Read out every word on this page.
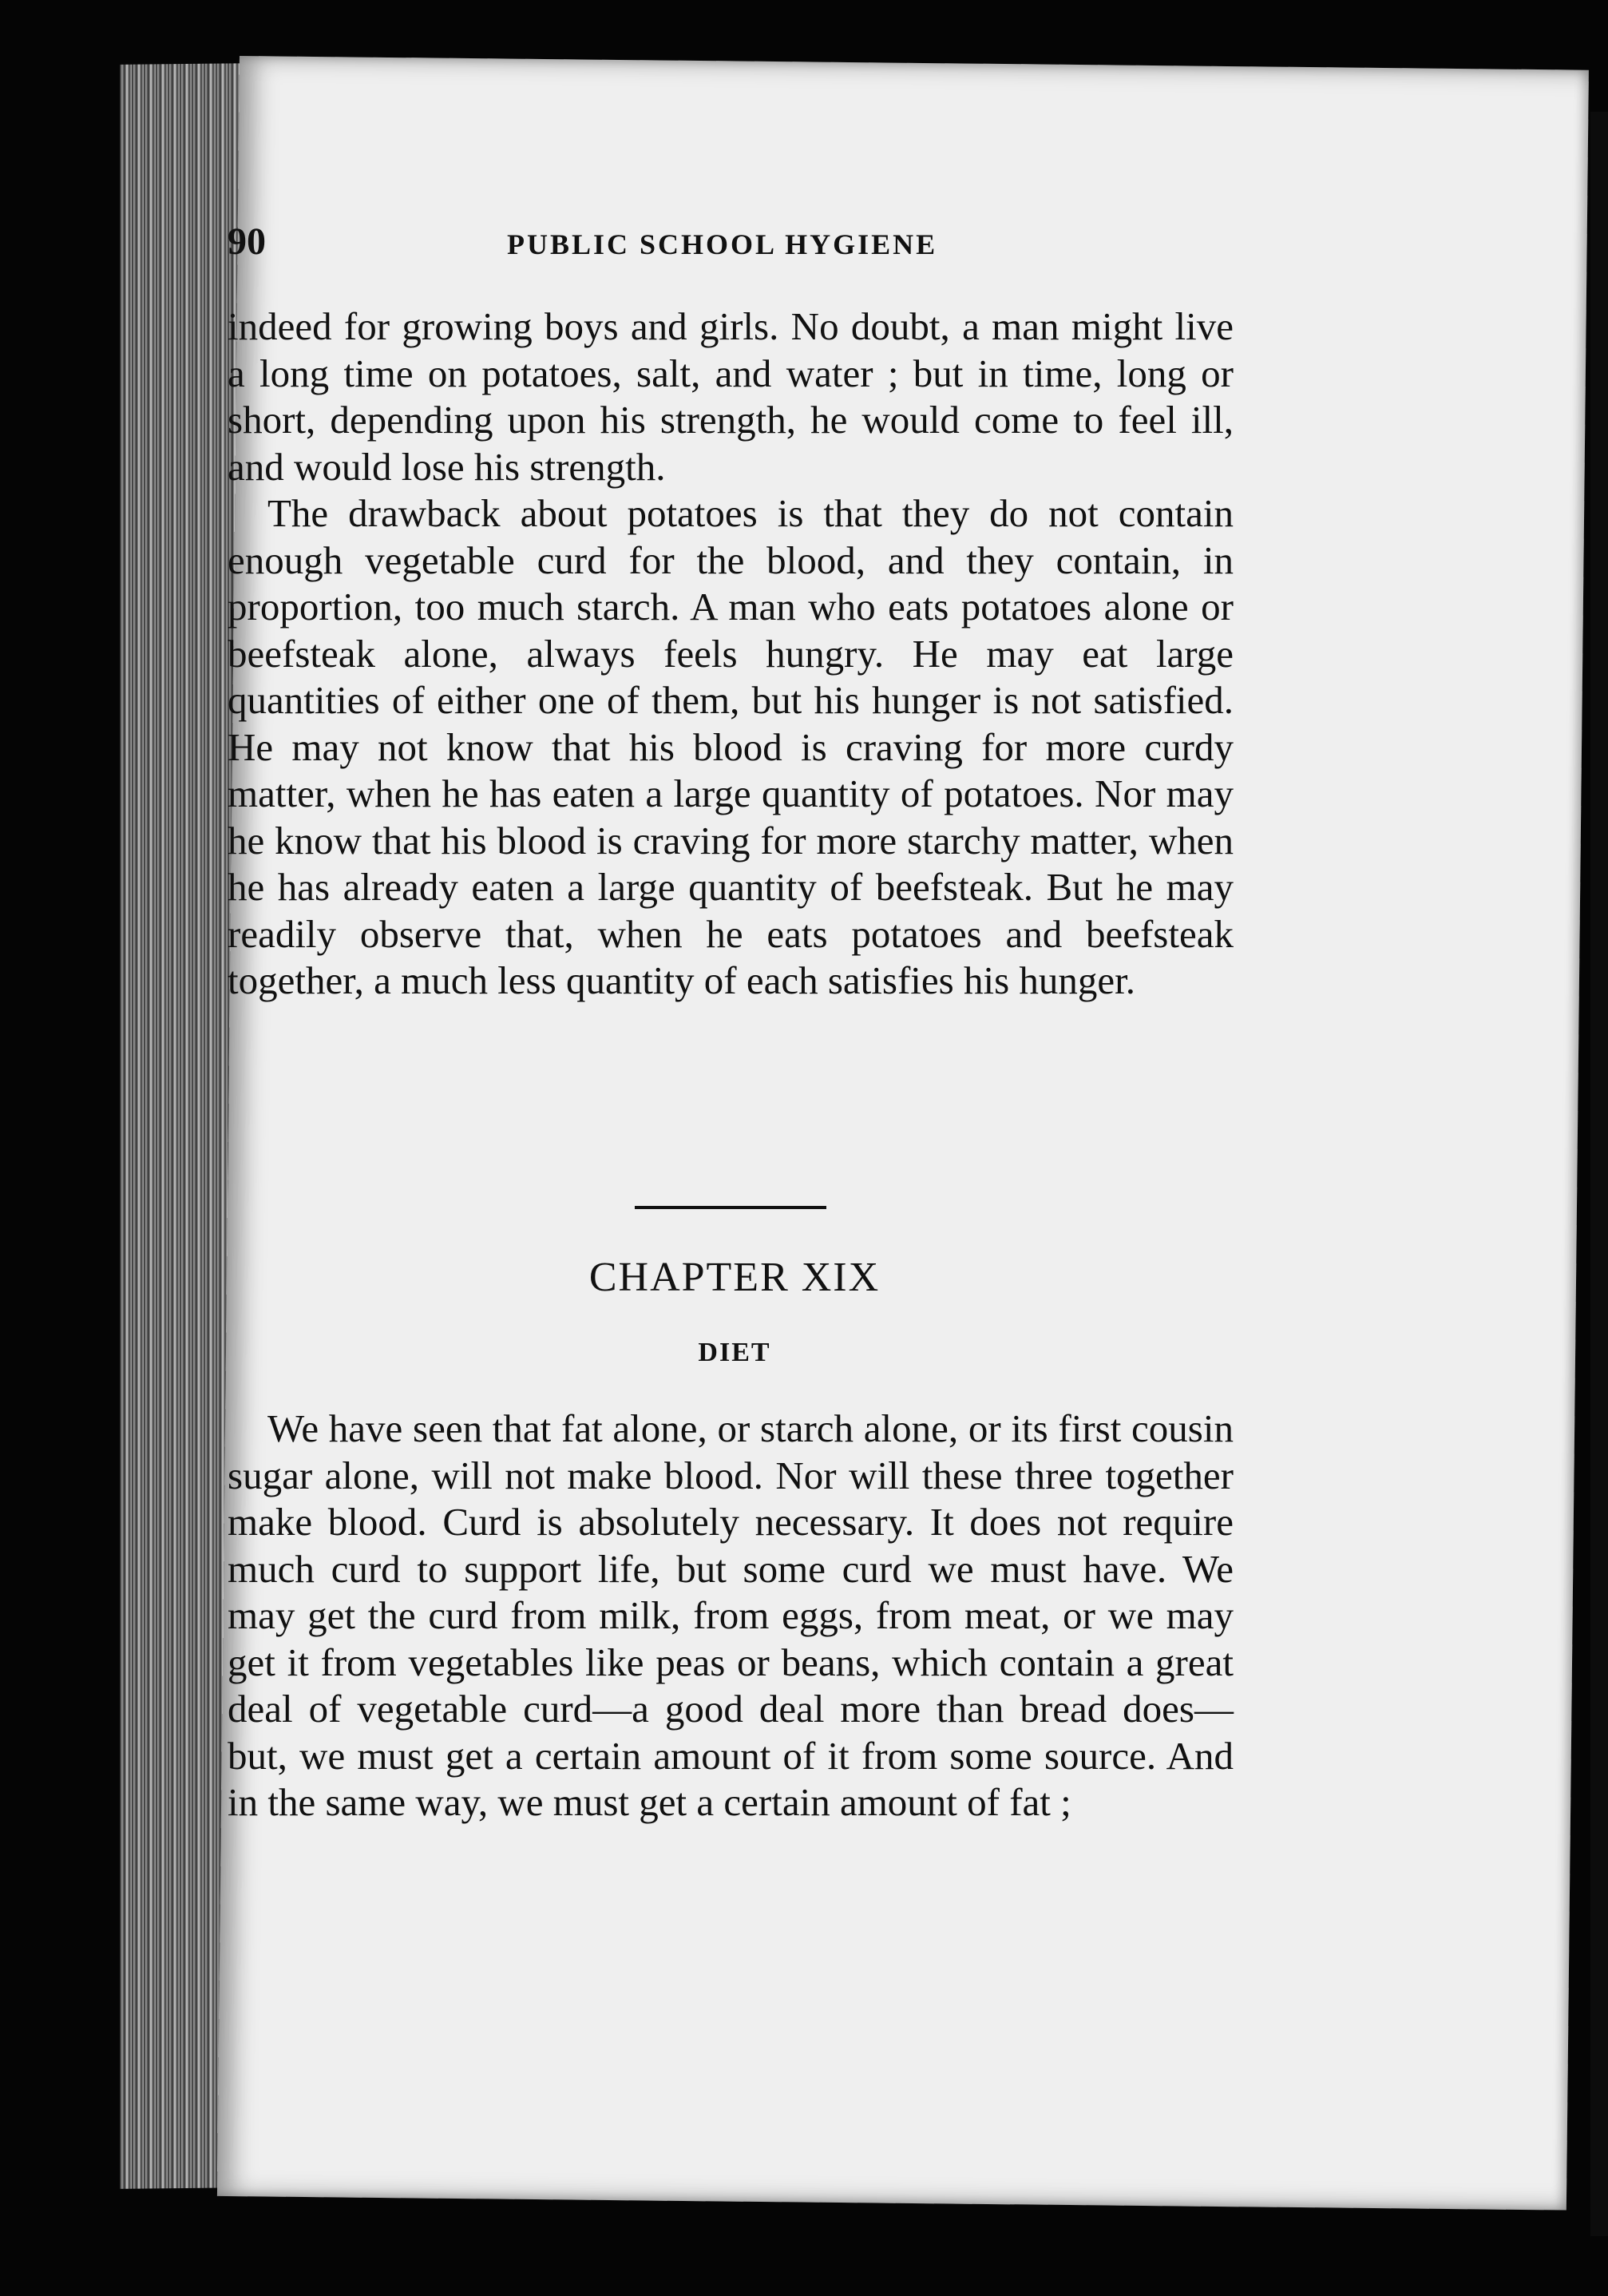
90	PUBLIC SCHOOL HYGIENE

indeed for growing boys and girls. No doubt, a man might live a long time on potatoes, salt, and water ; but in time, long or short, depending upon his strength, he would come to feel ill, and would lose his strength.

The drawback about potatoes is that they do not contain enough vegetable curd for the blood, and they contain, in proportion, too much starch. A man who eats potatoes alone or beefsteak alone, always feels hungry. He may eat large quantities of either one of them, but his hunger is not satisfied. He may not know that his blood is craving for more curdy matter, when he has eaten a large quantity of potatoes. Nor may he know that his blood is craving for more starchy matter, when he has already eaten a large quantity of beefsteak. But he may readily observe that, when he eats potatoes and beefsteak together, a much less quantity of each satisfies his hunger.

CHAPTER XIX
DIET

We have seen that fat alone, or starch alone, or its first cousin sugar alone, will not make blood. Nor will these three together make blood. Curd is absolutely necessary. It does not require much curd to support life, but some curd we must have. We may get the curd from milk, from eggs, from meat, or we may get it from vegetables like peas or beans, which contain a great deal of vegetable curd—a good deal more than bread does—but, we must get a certain amount of it from some source. And in the same way, we must get a certain amount of fat ;
